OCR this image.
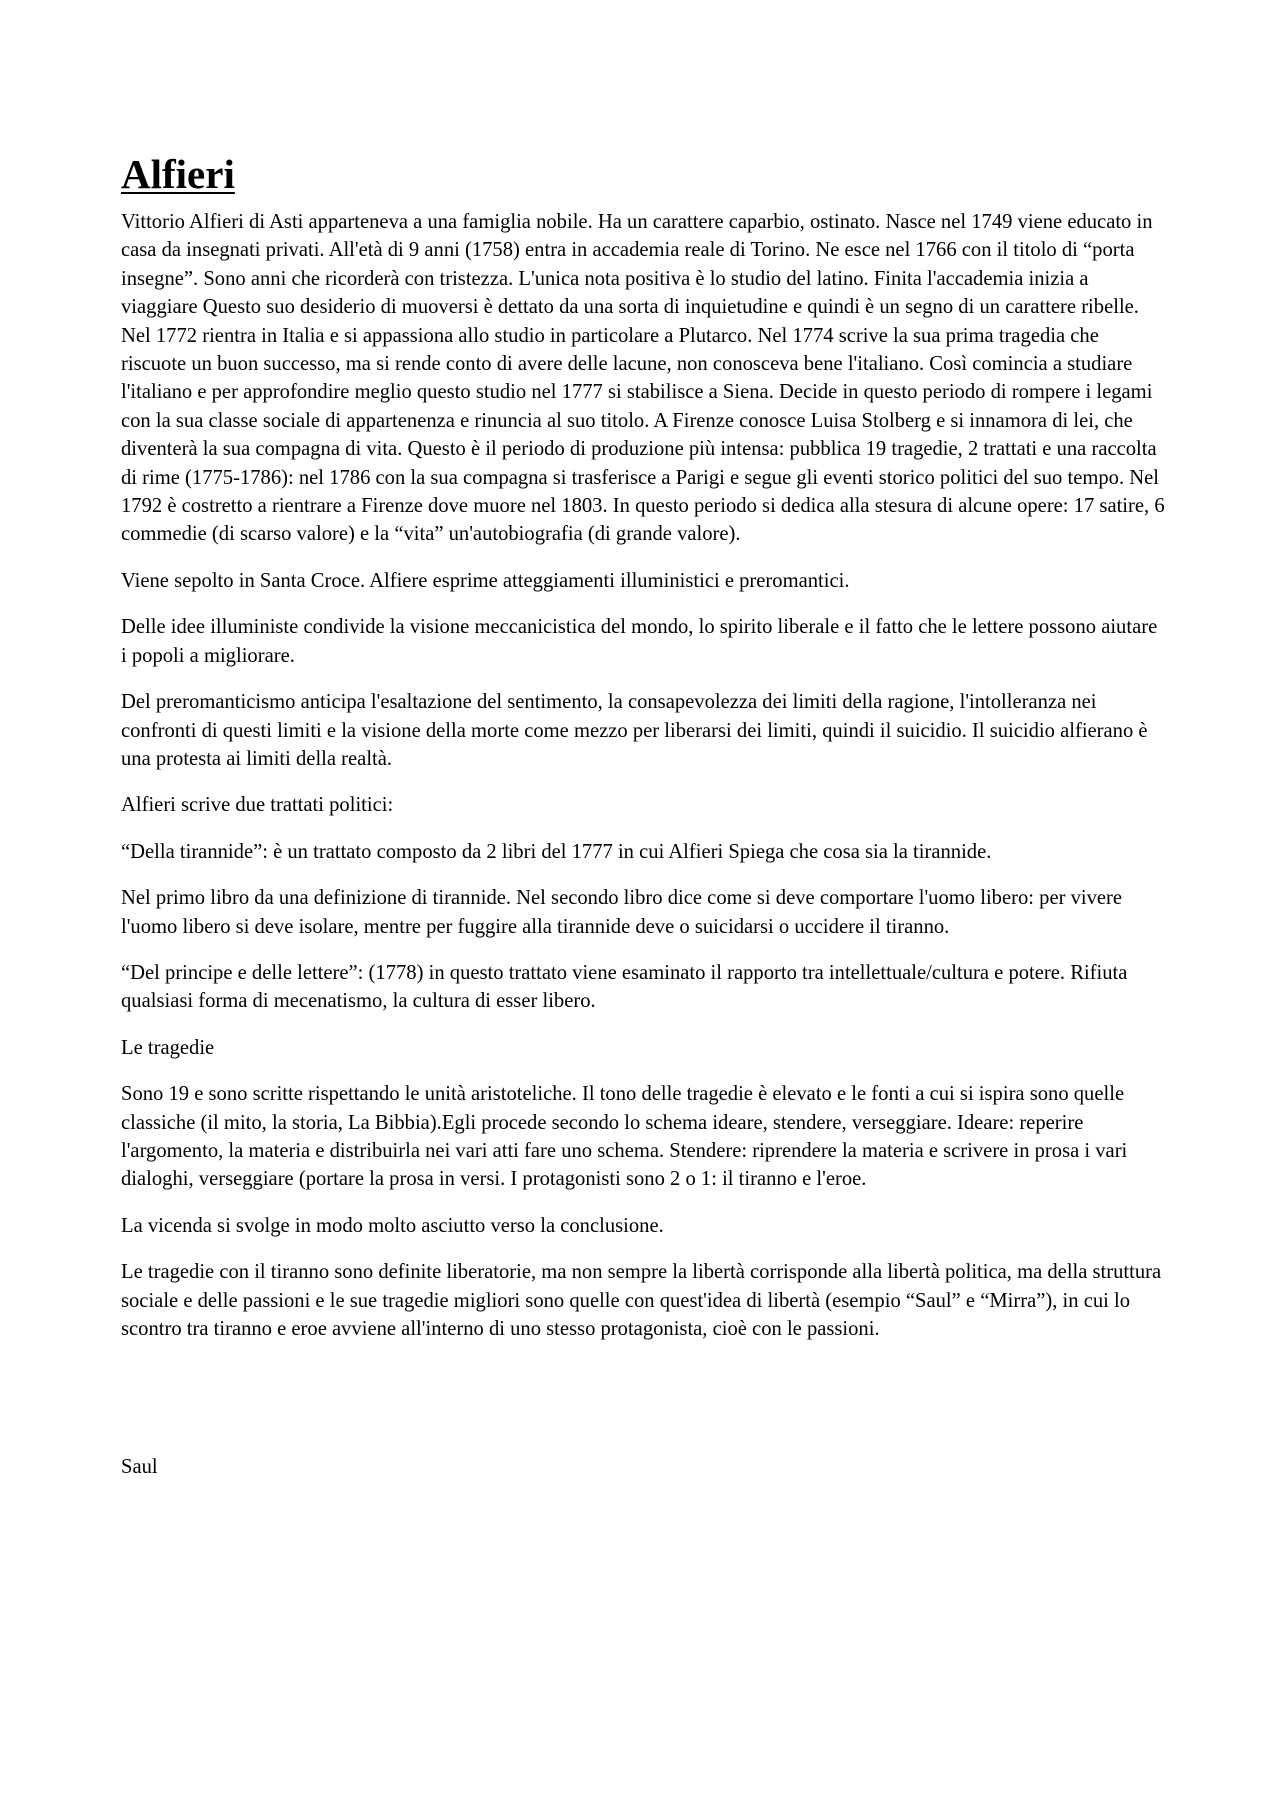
Alfieri

Vittorio Alfieri di Asti apparteneva a una famiglia nobile. Ha un carattere caparbio, ostinato. Nasce nel 1749 viene educato in casa da insegnati privati. All'età di 9 anni (1758) entra in accademia reale di Torino. Ne esce nel 1766 con il titolo di “porta insegne”. Sono anni che ricorderà con tristezza. L'unica nota positiva è lo studio del latino. Finita l'accademia inizia a viaggiare Questo suo desiderio di muoversi è dettato da una sorta di inquietudine e quindi è un segno di un carattere ribelle. Nel 1772 rientra in Italia e si appassiona allo studio in particolare a Plutarco. Nel 1774 scrive la sua prima tragedia che riscuote un buon successo, ma si rende conto di avere delle lacune, non conosceva bene l'italiano. Così comincia a studiare l'italiano e per approfondire meglio questo studio nel 1777 si stabilisce a Siena. Decide in questo periodo di rompere i legami con la sua classe sociale di appartenenza e rinuncia al suo titolo. A Firenze conosce Luisa Stolberg e si innamora di lei, che diventerà la sua compagna di vita. Questo è il periodo di produzione più intensa: pubblica 19 tragedie, 2 trattati e una raccolta di rime (1775-1786): nel 1786 con la sua compagna si trasferisce a Parigi e segue gli eventi storico politici del suo tempo. Nel 1792 è costretto a rientrare a Firenze dove muore nel 1803. In questo periodo si dedica alla stesura di alcune opere: 17 satire, 6 commedie (di scarso valore) e la “vita” un'autobiografia (di grande valore).

Viene sepolto in Santa Croce. Alfiere esprime atteggiamenti illuministici e preromantici.

Delle idee illuministe condivide la visione meccanicistica del mondo, lo spirito liberale e il fatto che le lettere possono aiutare i popoli a migliorare.

Del preromanticismo anticipa l'esaltazione del sentimento, la consapevolezza dei limiti della ragione, l'intolleranza nei confronti di questi limiti e la visione della morte come mezzo per liberarsi dei limiti, quindi il suicidio. Il suicidio alfierano è una protesta ai limiti della realtà.

Alfieri scrive due trattati politici:

“Della tirannide”: è un trattato composto da 2 libri del 1777 in cui Alfieri Spiega che cosa sia la tirannide.

Nel primo libro da una definizione di tirannide. Nel secondo libro dice come si deve comportare l'uomo libero: per vivere l'uomo libero si deve isolare, mentre per fuggire alla tirannide deve o suicidarsi o uccidere il tiranno.

“Del principe e delle lettere”: (1778) in questo trattato viene esaminato il rapporto tra intellettuale/cultura e potere. Rifiuta qualsiasi forma di mecenatismo, la cultura di esser libero.

Le tragedie

Sono 19 e sono scritte rispettando le unità aristoteliche. Il tono delle tragedie è elevato e le fonti a cui si ispira sono quelle classiche (il mito, la storia, La Bibbia).Egli procede secondo lo schema ideare, stendere, verseggiare. Ideare: reperire l'argomento, la materia e distribuirla nei vari atti fare uno schema. Stendere: riprendere la materia e scrivere in prosa i vari dialoghi, verseggiare (portare la prosa in versi. I protagonisti sono 2 o 1: il tiranno e l'eroe.

La vicenda si svolge in modo molto asciutto verso la conclusione.

Le tragedie con il tiranno sono definite liberatorie, ma non sempre la libertà corrisponde alla libertà politica, ma della struttura sociale e delle passioni e le sue tragedie migliori sono quelle con quest'idea di libertà (esempio “Saul” e “Mirra”), in cui lo scontro tra tiranno e eroe avviene all'interno di uno stesso protagonista, cioè con le passioni.

Saul
